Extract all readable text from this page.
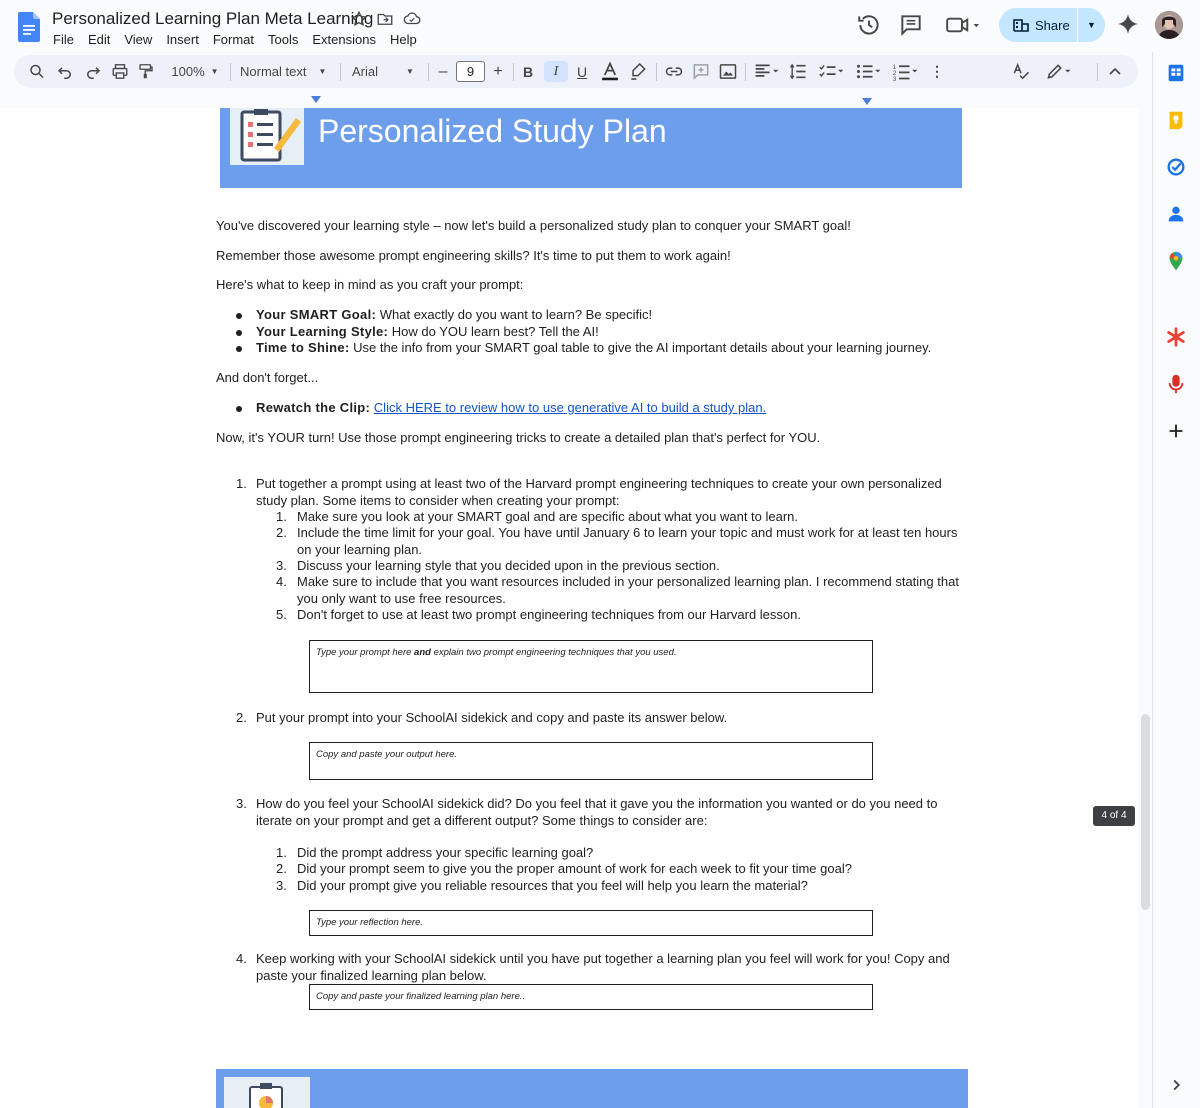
Personalized Learning Plan Meta Learning
File	Edit	View	Insert	Format	Tools	Extensions	Help
Share	▼
100% ▼ Normal text ▼ Arial	▼ –	9	+	B	I	U	1
2
3
⋮
Personalized Study Plan
You've discovered your learning style – now let's build a personalized study plan to conquer your SMART goal!
Remember those awesome prompt engineering skills? It's time to put them to work again!
Here's what to keep in mind as you craft your prompt:
Your SMART Goal: What exactly do you want to learn? Be specific!
Your Learning Style: How do YOU learn best? Tell the AI!
Time to Shine: Use the info from your SMART goal table to give the AI important details about your learning journey.
And don't forget...
Rewatch the Clip: Click HERE to review how to use generative AI to build a study plan.
Now, it's YOUR turn! Use those prompt engineering tricks to create a detailed plan that's perfect for YOU.
1. Put together a prompt using at least two of the Harvard prompt engineering techniques to create your own personalized study plan. Some items to consider when creating your prompt:
1. Make sure you look at your SMART goal and are specific about what you want to learn.
2. Include the time limit for your goal. You have until January 6 to learn your topic and must work for at least ten hours on your learning plan.
3. Discuss your learning style that you decided upon in the previous section.
4. Make sure to include that you want resources included in your personalized learning plan. I recommend stating that you only want to use free resources.
5. Don't forget to use at least two prompt engineering techniques from our Harvard lesson.
Type your prompt here and explain two prompt engineering techniques that you used.
2. Put your prompt into your SchoolAI sidekick and copy and paste its answer below.
Copy and paste your output here.
3. How do you feel your SchoolAI sidekick did? Do you feel that it gave you the information you wanted or do you need to iterate on your prompt and get a different output? Some things to consider are:
1. Did the prompt address your specific learning goal?
2. Did your prompt seem to give you the proper amount of work for each week to fit your time goal?
3. Did your prompt give you reliable resources that you feel will help you learn the material?
Type your reflection here.
4. Keep working with your SchoolAI sidekick until you have put together a learning plan you feel will work for you! Copy and paste your finalized learning plan below.
Copy and paste your finalized learning plan here..
4 of 4
